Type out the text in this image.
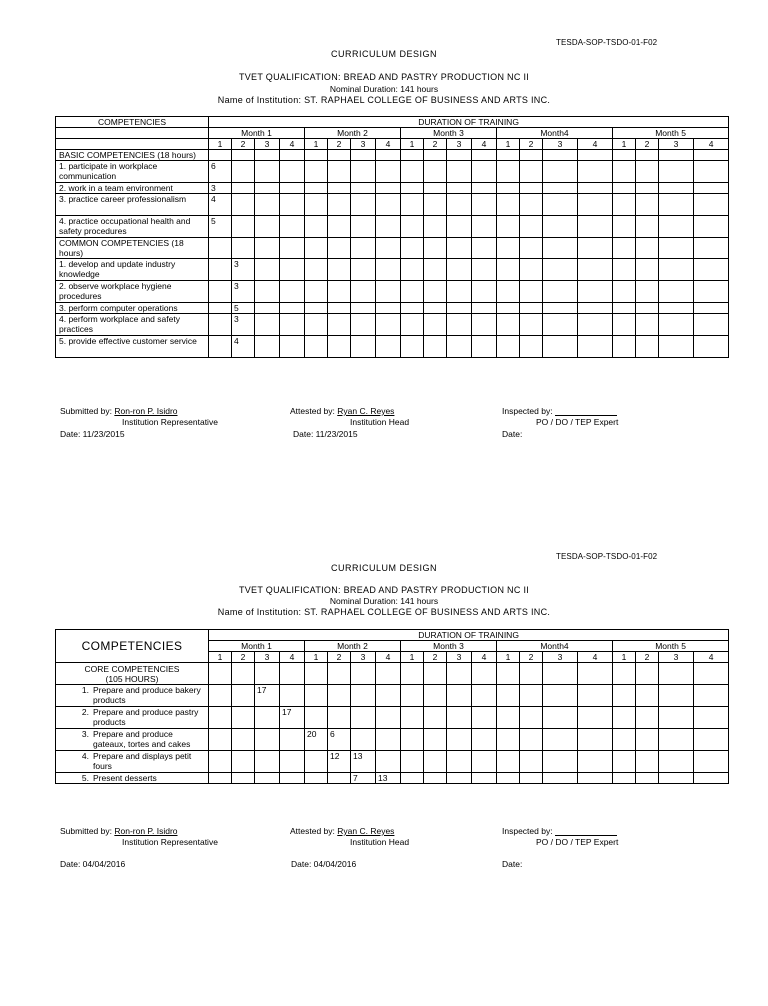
TESDA-SOP-TSDO-01-F02
CURRICULUM DESIGN
TVET QUALIFICATION: BREAD AND PASTRY PRODUCTION NC II
Nominal Duration: 141 hours
Name of Institution: ST. RAPHAEL COLLEGE OF BUSINESS AND ARTS INC.
COMPETENCIES	DURATION OF TRAINING																			
	Month 1				Month 2				Month 3				Month4				Month 5			
	1	2	3	4	1	2	3	4	1	2	3	4	1	2	3	4	1	2	3	4
BASIC COMPETENCIES (18 hours)																				
1. participate in workplace communication	6																			
2. work in a team environment	3																			
3. practice career professionalism	4																			
4. practice occupational health and safety procedures	5																			
COMMON COMPETENCIES (18 hours)																				
1. develop and update industry knowledge		3																		
2. observe workplace hygiene procedures		3																		
3. perform computer operations		5																		
4. perform workplace and safety practices		3																		
5. provide effective customer service		4																		
Submitted by: Ron-ron P. Isidro
Institution Representative
Date: 11/23/2015
Attested by: Ryan C. Reyes
Institution Head
Date: 11/23/2015
Inspected by:
PO / DO / TEP Expert
Date:
TESDA-SOP-TSDO-01-F02
CURRICULUM DESIGN
TVET QUALIFICATION: BREAD AND PASTRY PRODUCTION NC II
Nominal Duration: 141 hours
Name of Institution: ST. RAPHAEL COLLEGE OF BUSINESS AND ARTS INC.
COMPETENCIES	DURATION OF TRAINING																			
	Month 1				Month 2				Month 3				Month4				Month 5			
	1	2	3	4	1	2	3	4	1	2	3	4	1	2	3	4	1	2	3	4

CORE COMPETENCIES
(105 HOURS)																				

1. Prepare and produce bakery products			17																	

2. Prepare and produce pastry products				17																

3. Prepare and produce gateaux, tortes and cakes					20	6														

4. Prepare and displays petit fours						12	13													

5. Present desserts							7	13												
Submitted by: Ron-ron P. Isidro
Institution Representative
Date: 04/04/2016
Attested by: Ryan C. Reyes
Institution Head
Date: 04/04/2016
Inspected by:
PO / DO / TEP Expert
Date:
